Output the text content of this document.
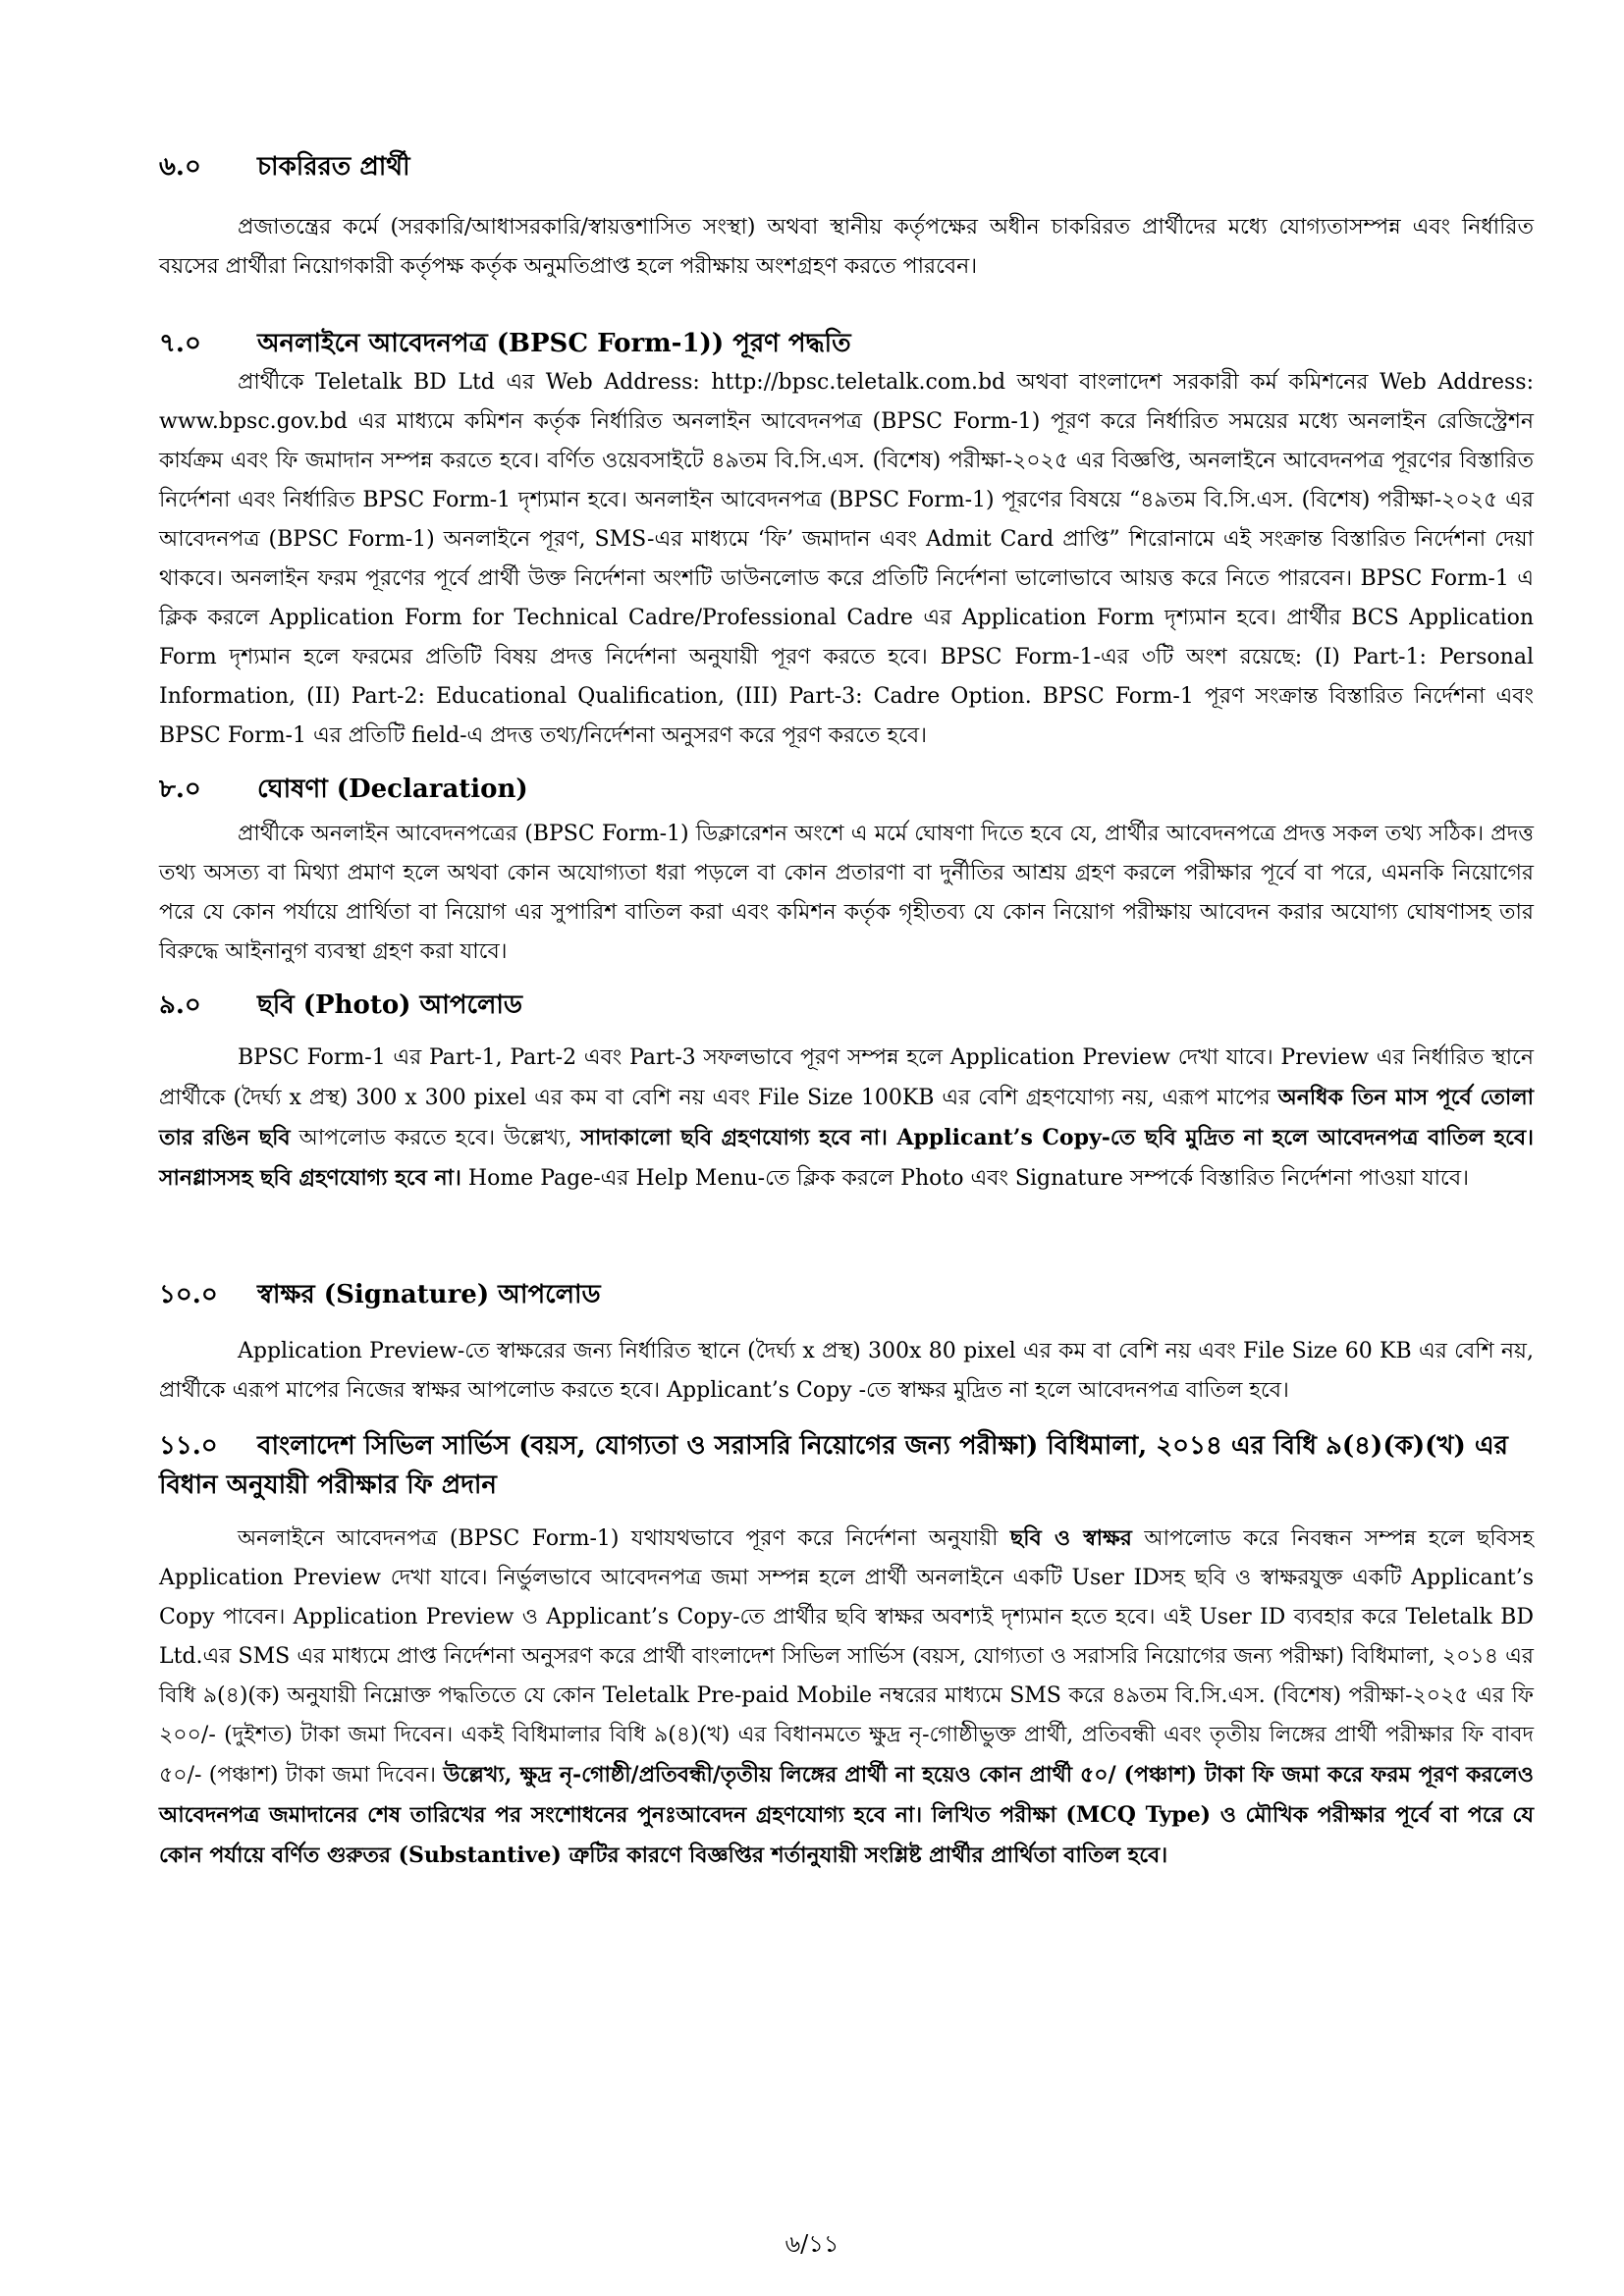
৬.০	চাকরিরত প্রার্থী

প্রজাতন্ত্রের কর্মে (সরকারি/আধাসরকারি/স্বায়ত্তশাসিত সংস্থা) অথবা স্থানীয় কর্তৃপক্ষের অধীন চাকরিরত প্রার্থীদের মধ্যে যোগ্যতাসম্পন্ন এবং নির্ধারিত বয়সের প্রার্থীরা নিয়োগকারী কর্তৃপক্ষ কর্তৃক অনুমতিপ্রাপ্ত হলে পরীক্ষায় অংশগ্রহণ করতে পারবেন।

৭.০	অনলাইনে আবেদনপত্র (BPSC Form-1)) পূরণ পদ্ধতি

প্রার্থীকে Teletalk BD Ltd এর Web Address: http://bpsc.teletalk.com.bd অথবা বাংলাদেশ সরকারী কর্ম কমিশনের Web Address: www.bpsc.gov.bd এর মাধ্যমে কমিশন কর্তৃক নির্ধারিত অনলাইন আবেদনপত্র (BPSC Form-1) পূরণ করে নির্ধারিত সময়ের মধ্যে অনলাইন রেজিস্ট্রেশন কার্যক্রম এবং ফি জমাদান সম্পন্ন করতে হবে। বর্ণিত ওয়েবসাইটে ৪৯তম বি.সি.এস. (বিশেষ) পরীক্ষা-২০২৫ এর বিজ্ঞপ্তি, অনলাইনে আবেদনপত্র পূরণের বিস্তারিত নির্দেশনা এবং নির্ধারিত BPSC Form-1 দৃশ্যমান হবে। অনলাইন আবেদনপত্র (BPSC Form-1) পূরণের বিষয়ে “৪৯তম বি.সি.এস. (বিশেষ) পরীক্ষা-২০২৫ এর আবেদনপত্র (BPSC Form-1) অনলাইনে পূরণ, SMS-এর মাধ্যমে ‘ফি’ জমাদান এবং Admit Card প্রাপ্তি” শিরোনামে এই সংক্রান্ত বিস্তারিত নির্দেশনা দেয়া থাকবে। অনলাইন ফরম পূরণের পূর্বে প্রার্থী উক্ত নির্দেশনা অংশটি ডাউনলোড করে প্রতিটি নির্দেশনা ভালোভাবে আয়ত্ত করে নিতে পারবেন। BPSC Form-1 এ ক্লিক করলে Application Form for Technical Cadre/Professional Cadre এর Application Form দৃশ্যমান হবে। প্রার্থীর BCS Application Form দৃশ্যমান হলে ফরমের প্রতিটি বিষয় প্রদত্ত নির্দেশনা অনুযায়ী পূরণ করতে হবে। BPSC Form-1-এর ৩টি অংশ রয়েছে: (I) Part-1: Personal Information, (II) Part-2: Educational Qualification, (III) Part-3: Cadre Option. BPSC Form-1 পূরণ সংক্রান্ত বিস্তারিত নির্দেশনা এবং BPSC Form-1 এর প্রতিটি field-এ প্রদত্ত তথ্য/নির্দেশনা অনুসরণ করে পূরণ করতে হবে।

৮.০	ঘোষণা (Declaration)

প্রার্থীকে অনলাইন আবেদনপত্রের (BPSC Form-1) ডিক্লারেশন অংশে এ মর্মে ঘোষণা দিতে হবে যে, প্রার্থীর আবেদনপত্রে প্রদত্ত সকল তথ্য সঠিক। প্রদত্ত তথ্য অসত্য বা মিথ্যা প্রমাণ হলে অথবা কোন অযোগ্যতা ধরা পড়লে বা কোন প্রতারণা বা দুর্নীতির আশ্রয় গ্রহণ করলে পরীক্ষার পূর্বে বা পরে, এমনকি নিয়োগের পরে যে কোন পর্যায়ে প্রার্থিতা বা নিয়োগ এর সুপারিশ বাতিল করা এবং কমিশন কর্তৃক গৃহীতব্য যে কোন নিয়োগ পরীক্ষায় আবেদন করার অযোগ্য ঘোষণাসহ তার বিরুদ্ধে আইনানুগ ব্যবস্থা গ্রহণ করা যাবে।

৯.০	ছবি (Photo) আপলোড

BPSC Form-1 এর Part-1, Part-2 এবং Part-3 সফলভাবে পূরণ সম্পন্ন হলে Application Preview দেখা যাবে। Preview এর নির্ধারিত স্থানে প্রার্থীকে (দৈর্ঘ্য x প্রস্থ) 300 x 300 pixel এর কম বা বেশি নয় এবং File Size 100KB এর বেশি গ্রহণযোগ্য নয়, এরূপ মাপের অনধিক তিন মাস পূর্বে তোলা তার রঙিন ছবি আপলোড করতে হবে। উল্লেখ্য, সাদাকালো ছবি গ্রহণযোগ্য হবে না। Applicant’s Copy-তে ছবি মুদ্রিত না হলে আবেদনপত্র বাতিল হবে। সানগ্লাসসহ ছবি গ্রহণযোগ্য হবে না। Home Page-এর Help Menu-তে ক্লিক করলে Photo এবং Signature সম্পর্কে বিস্তারিত নির্দেশনা পাওয়া যাবে।

১০.০	স্বাক্ষর (Signature) আপলোড

Application Preview-তে স্বাক্ষরের জন্য নির্ধারিত স্থানে (দৈর্ঘ্য x প্রস্থ) 300x 80 pixel এর কম বা বেশি নয় এবং File Size 60 KB এর বেশি নয়, প্রার্থীকে এরূপ মাপের নিজের স্বাক্ষর আপলোড করতে হবে। Applicant’s Copy -তে স্বাক্ষর মুদ্রিত না হলে আবেদনপত্র বাতিল হবে।

১১.০ বাংলাদেশ সিভিল সার্ভিস (বয়স, যোগ্যতা ও সরাসরি নিয়োগের জন্য পরীক্ষা) বিধিমালা, ২০১৪ এর বিধি ৯(৪)(ক)(খ) এর বিধান অনুযায়ী পরীক্ষার ফি প্রদান

অনলাইনে আবেদনপত্র (BPSC Form-1) যথাযথভাবে পূরণ করে নির্দেশনা অনুযায়ী ছবি ও স্বাক্ষর আপলোড করে নিবন্ধন সম্পন্ন হলে ছবিসহ Application Preview দেখা যাবে। নির্ভুলভাবে আবেদনপত্র জমা সম্পন্ন হলে প্রার্থী অনলাইনে একটি User IDসহ ছবি ও স্বাক্ষরযুক্ত একটি Applicant’s Copy পাবেন। Application Preview ও Applicant’s Copy-তে প্রার্থীর ছবি স্বাক্ষর অবশ্যই দৃশ্যমান হতে হবে। এই User ID ব্যবহার করে Teletalk BD Ltd.এর SMS এর মাধ্যমে প্রাপ্ত নির্দেশনা অনুসরণ করে প্রার্থী বাংলাদেশ সিভিল সার্ভিস (বয়স, যোগ্যতা ও সরাসরি নিয়োগের জন্য পরীক্ষা) বিধিমালা, ২০১৪ এর বিধি ৯(৪)(ক) অনুযায়ী নিম্নোক্ত পদ্ধতিতে যে কোন Teletalk Pre-paid Mobile নম্বরের মাধ্যমে SMS করে ৪৯তম বি.সি.এস. (বিশেষ) পরীক্ষা-২০২৫ এর ফি ২০০/- (দুইশত) টাকা জমা দিবেন। একই বিধিমালার বিধি ৯(৪)(খ) এর বিধানমতে ক্ষুদ্র নৃ-গোষ্ঠীভুক্ত প্রার্থী, প্রতিবন্ধী এবং তৃতীয় লিঙ্গের প্রার্থী পরীক্ষার ফি বাবদ ৫০/- (পঞ্চাশ) টাকা জমা দিবেন। উল্লেখ্য, ক্ষুদ্র নৃ-গোষ্ঠী/প্রতিবন্ধী/তৃতীয় লিঙ্গের প্রার্থী না হয়েও কোন প্রার্থী ৫০/ (পঞ্চাশ) টাকা ফি জমা করে ফরম পূরণ করলেও আবেদনপত্র জমাদানের শেষ তারিখের পর সংশোধনের পুনঃআবেদন গ্রহণযোগ্য হবে না। লিখিত পরীক্ষা (MCQ Type) ও মৌখিক পরীক্ষার পূর্বে বা পরে যে কোন পর্যায়ে বর্ণিত গুরুতর (Substantive) ত্রুটির কারণে বিজ্ঞপ্তির শর্তানুযায়ী সংশ্লিষ্ট প্রার্থীর প্রার্থিতা বাতিল হবে।

৬/১১
